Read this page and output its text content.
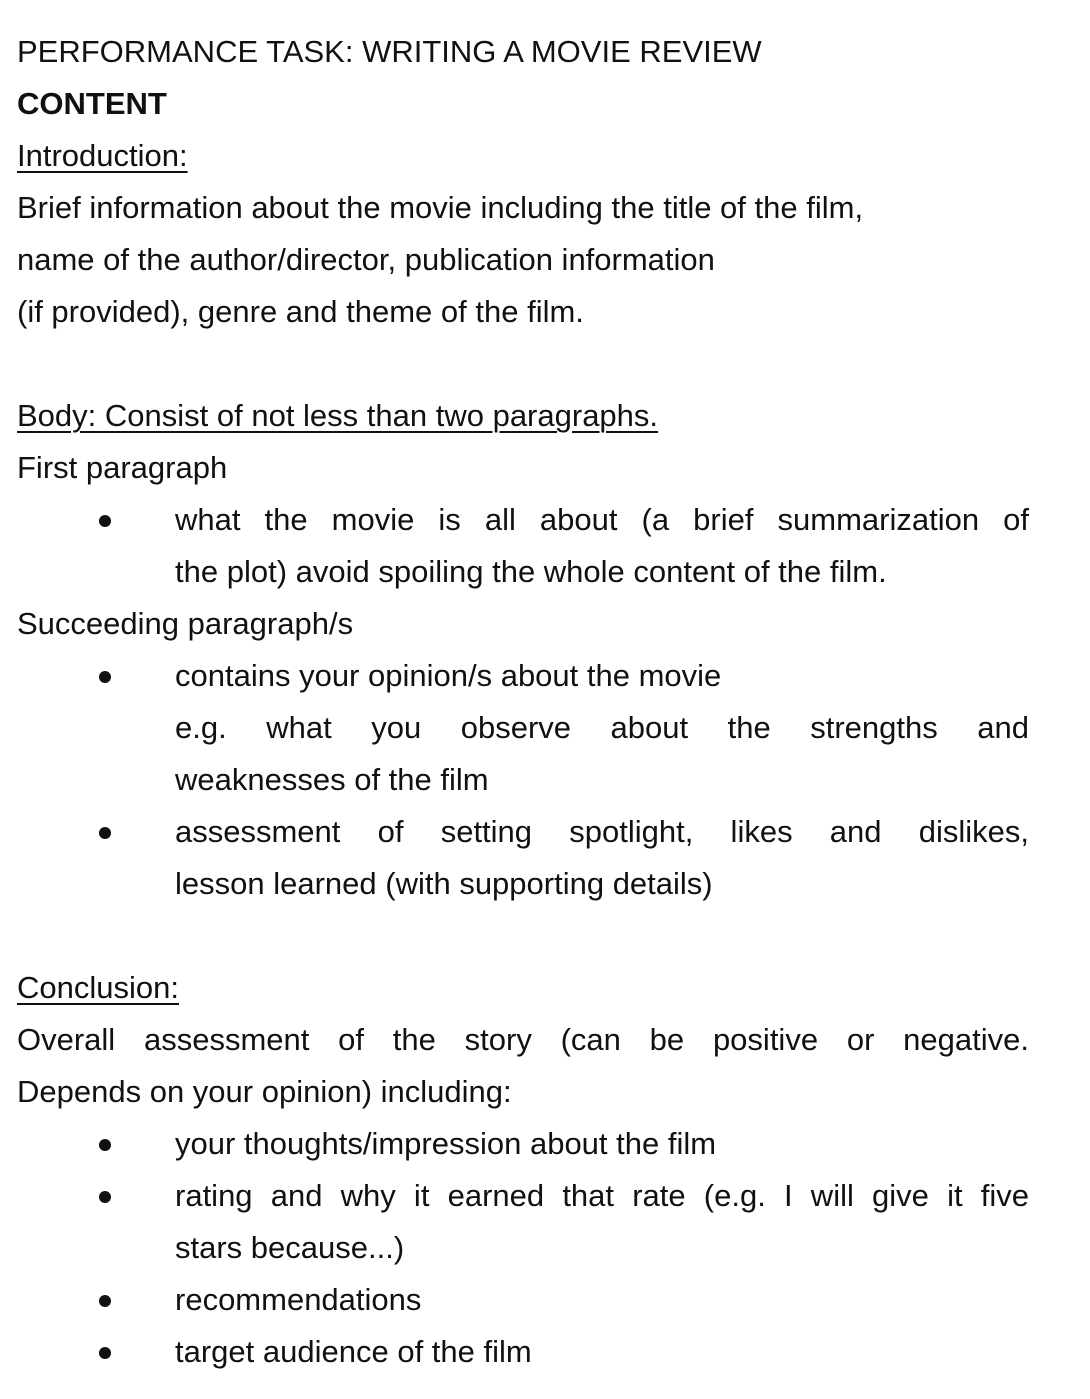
PERFORMANCE TASK: WRITING A MOVIE REVIEW
CONTENT
Introduction:
Brief information about the movie including the title of the film,
name of the author/director, publication information
(if provided), genre and theme of the film.
Body: Consist of not less than two paragraphs.
First paragraph
what the movie is all about (a brief summarization of
the plot) avoid spoiling the whole content of the film.
Succeeding paragraph/s
contains your opinion/s about the movie
e.g. what you observe about the strengths and
weaknesses of the film
assessment of setting spotlight, likes and dislikes,
lesson learned (with supporting details)
Conclusion:
Overall assessment of the story (can be positive or negative.
Depends on your opinion) including:
your thoughts/impression about the film
rating and why it earned that rate (e.g. I will give it five
stars because...)
recommendations
target audience of the film
